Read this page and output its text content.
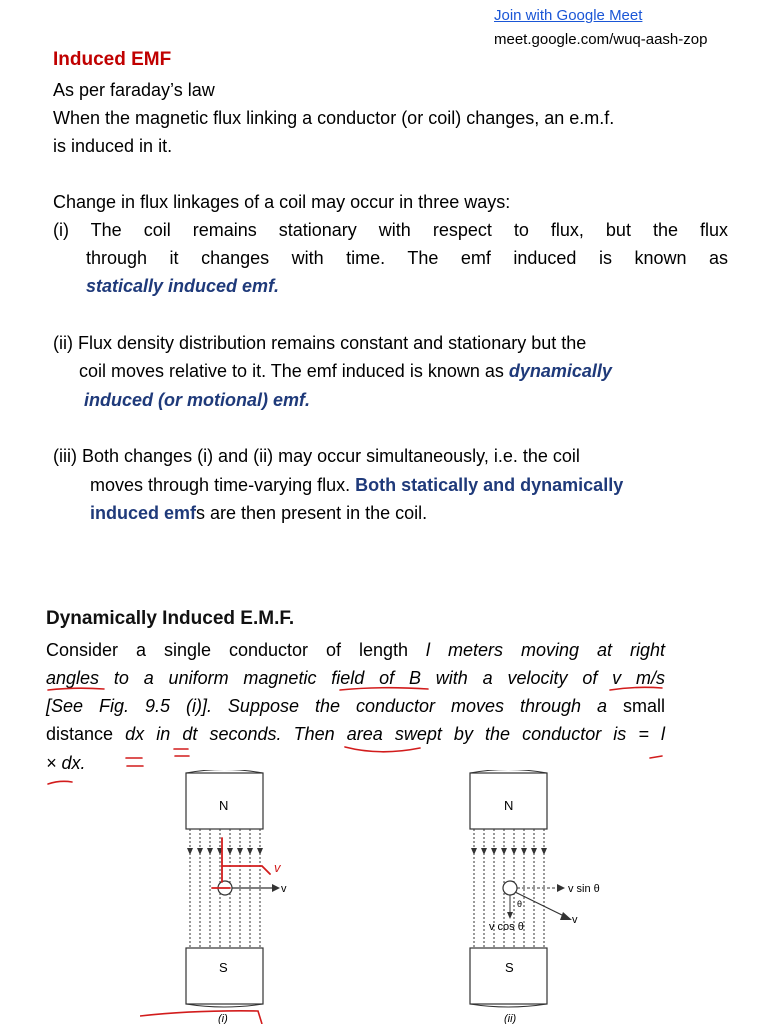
Join with Google Meet
meet.google.com/wuq-aash-zop
Induced EMF
As per faraday’s law
When the magnetic flux linking a conductor (or coil) changes, an e.m.f.
is induced in it.
Change in flux linkages of a coil may occur in three ways:
(i) The coil remains stationary with respect to flux, but the flux
through it changes with time. The emf induced is known as
statically induced emf.
(ii) Flux density distribution remains constant and stationary but the
coil moves relative to it. The emf induced is known as dynamically
induced (or motional) emf.
(iii) Both changes (i) and (ii) may occur simultaneously, i.e. the coil
moves through time-varying flux. Both statically and dynamically
induced emfs are then present in the coil.
Dynamically Induced E.M.F.
Consider a single conductor of length l meters moving at right
angles to a uniform magnetic field of B with a velocity of v m/s
[See Fig. 9.5 (i)]. Suppose the conductor moves through a small
distance dx in dt seconds. Then area swept by the conductor is = l
× dx.
N
v
v
S
(i)
N
v sin θ
v
θ
v cos θ
S
(ii)
